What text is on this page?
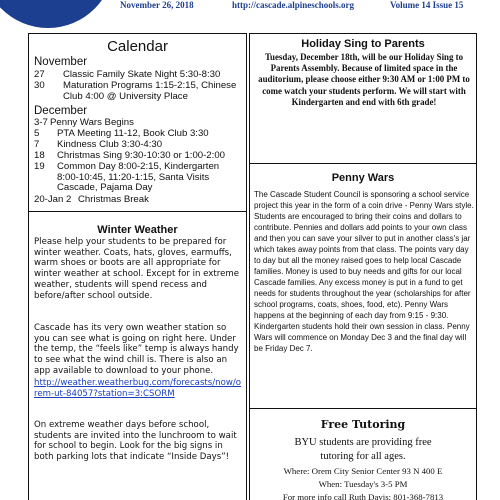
November 26, 2018	http://cascade.alpineschools.org	Volume 14 Issue 15
Calendar
November
27 Classic Family Skate Night 5:30-8:30
30 Maturation Programs 1:15-2:15, Chinese Club 4:00 @ University Place
December
3-7 Penny Wars Begins
5 PTA Meeting 11-12, Book Club 3:30
7 Kindness Club 3:30-4:30
18 Christmas Sing 9:30-10:30 or 1:00-2:00
19 Common Day 8:00-2:15, Kindergarten 8:00-10:45, 11:20-1:15, Santa Visits Cascade, Pajama Day
20-Jan 2 Christmas Break
Winter Weather
Please help your students to be prepared for winter weather. Coats, hats, gloves, earmuffs, warm shoes or boots are all appropriate for winter weather at school. Except for in extreme weather, students will spend recess and before/after school outside.
Cascade has its very own weather station so you can see what is going on right here. Under the temp, the “feels like” temp is always handy to see what the wind chill is. There is also an app available to download to your phone.
http://weather.weatherbug.com/forecasts/now/orem-ut-84057?station=3:CSORM
On extreme weather days before school, students are invited into the lunchroom to wait for school to begin. Look for the big signs in both parking lots that indicate “Inside Days”!
Holiday Sing to Parents
Tuesday, December 18th, will be our Holiday Sing to Parents Assembly. Because of limited space in the auditorium, please choose either 9:30 AM or 1:00 PM to come watch your students perform. We will start with Kindergarten and end with 6th grade!
Penny Wars
The Cascade Student Council is sponsoring a school service project this year in the form of a coin drive - Penny Wars style. Students are encouraged to bring their coins and dollars to contribute. Pennies and dollars add points to your own class and then you can save your silver to put in another class's jar which takes away points from that class. The points vary day to day but all the money raised goes to help local Cascade families. Money is used to buy needs and gifts for our local Cascade families. Any excess money is put in a fund to get needs for students throughout the year (scholarships for after school programs, coats, shoes, food, etc). Penny Wars happens at the beginning of each day from 9:15 - 9:30. Kindergarten students hold their own session in class. Penny Wars will commence on Monday Dec 3 and the final day will be Friday Dec 7.
Free Tutoring
BYU students are providing free tutoring for all ages.
Where: Orem City Senior Center 93 N 400 E
When: Tuesday's 3-5 PM
For more info call Ruth Davis: 801-368-7813
